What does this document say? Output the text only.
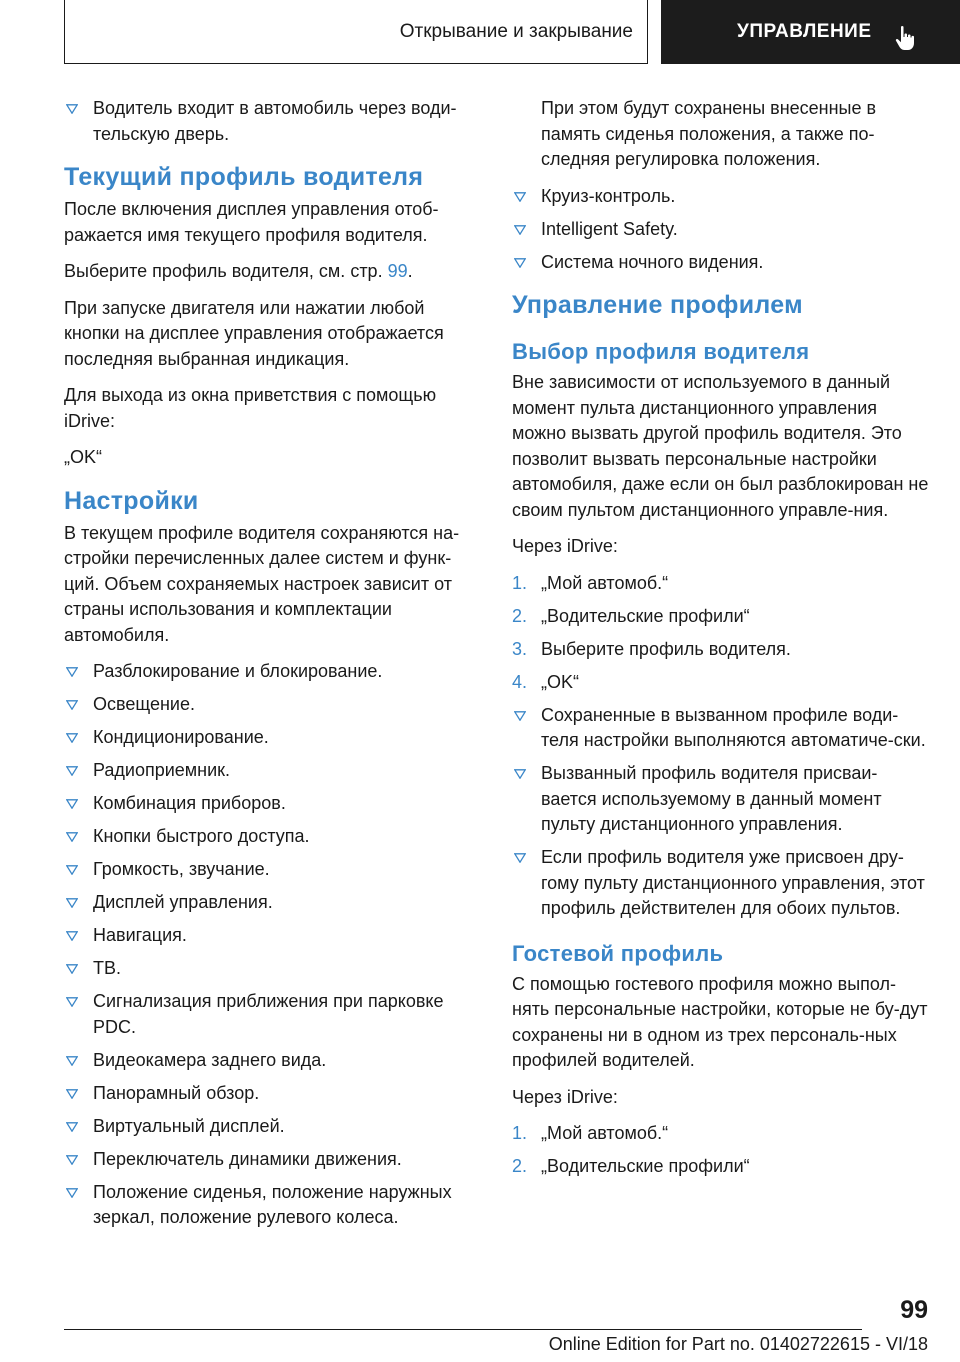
Открывание и закрывание	УПРАВЛЕНИЕ
Водитель входит в автомобиль через води-тельскую дверь.
Текущий профиль водителя

После включения дисплея управления отоб-ражается имя текущего профиля водителя.

Выберите профиль водителя, см. стр. 99.

При запуске двигателя или нажатии любой кнопки на дисплее управления отображается последняя выбранная индикация.

Для выхода из окна приветствия с помощью iDrive:

„OK“

Настройки

В текущем профиле водителя сохраняются на-стройки перечисленных далее систем и функ-ций. Объем сохраняемых настроек зависит от страны использования и комплектации автомобиля.

Разблокирование и блокирование.
Освещение.
Кондиционирование.
Радиоприемник.
Комбинация приборов.
Кнопки быстрого доступа.
Громкость, звучание.
Дисплей управления.
Навигация.
ТВ.
Сигнализация приближения при парковке PDC.
Видеокамера заднего вида.
Панорамный обзор.
Виртуальный дисплей.
Переключатель динамики движения.
Положение сиденья, положение наружных зеркал, положение рулевого колеса.

При этом будут сохранены внесенные в память сиденья положения, а также по-следняя регулировка положения.

Круиз-контроль.
Intelligent Safety.
Система ночного видения.
Управление профилем
Выбор профиля водителя

Вне зависимости от используемого в данный момент пульта дистанционного управления можно вызвать другой профиль водителя. Это позволит вызвать персональные настройки автомобиля, даже если он был разблокирован не своим пультом дистанционного управле-ния.

Через iDrive:

1. „Мой автомоб.“
2. „Водительские профили“
3. Выберите профиль водителя.
4. „OK“
Сохраненные в вызванном профиле води-теля настройки выполняются автоматиче-ски.
Вызванный профиль водителя присваи-вается используемому в данный момент пульту дистанционного управления.
Если профиль водителя уже присвоен дру-гому пульту дистанционного управления, этот профиль действителен для обоих пультов.
Гостевой профиль

С помощью гостевого профиля можно выпол-нять персональные настройки, которые не бу-дут сохранены ни в одном из трех персональ-ных профилей водителей.

Через iDrive:

1. „Мой автомоб.“
2. „Водительские профили“
99
Online Edition for Part no. 01402722615 - VI/18
